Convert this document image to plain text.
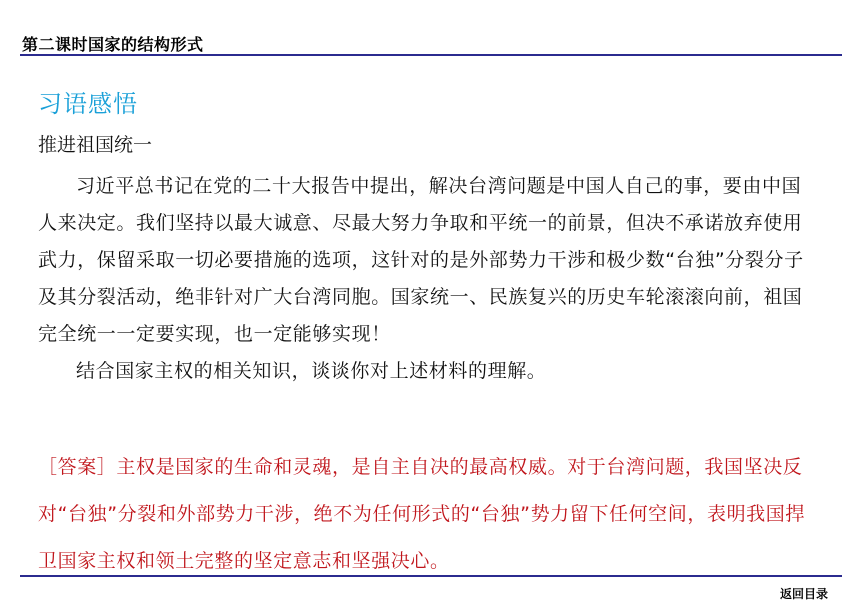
第二课时国家的结构形式
习语感悟
推进祖国统一

习近平总书记在党的二十大报告中提出，解决台湾问题是中国人自己的事，要由中国人来决定。我们坚持以最大诚意、尽最大努力争取和平统一的前景，但决不承诺放弃使用武力，保留采取一切必要措施的选项，这针对的是外部势力干涉和极少数“台独”分裂分子及其分裂活动，绝非针对广大台湾同胞。国家统一、民族复兴的历史车轮滚滚向前，祖国完全统一一定要实现，也一定能够实现！

结合国家主权的相关知识，谈谈你对上述材料的理解。

［答案］主权是国家的生命和灵魂，是自主自决的最高权威。对于台湾问题，我国坚决反对“台独”分裂和外部势力干涉，绝不为任何形式的“台独”势力留下任何空间，表明我国捍卫国家主权和领土完整的坚定意志和坚强决心。
返回目录
